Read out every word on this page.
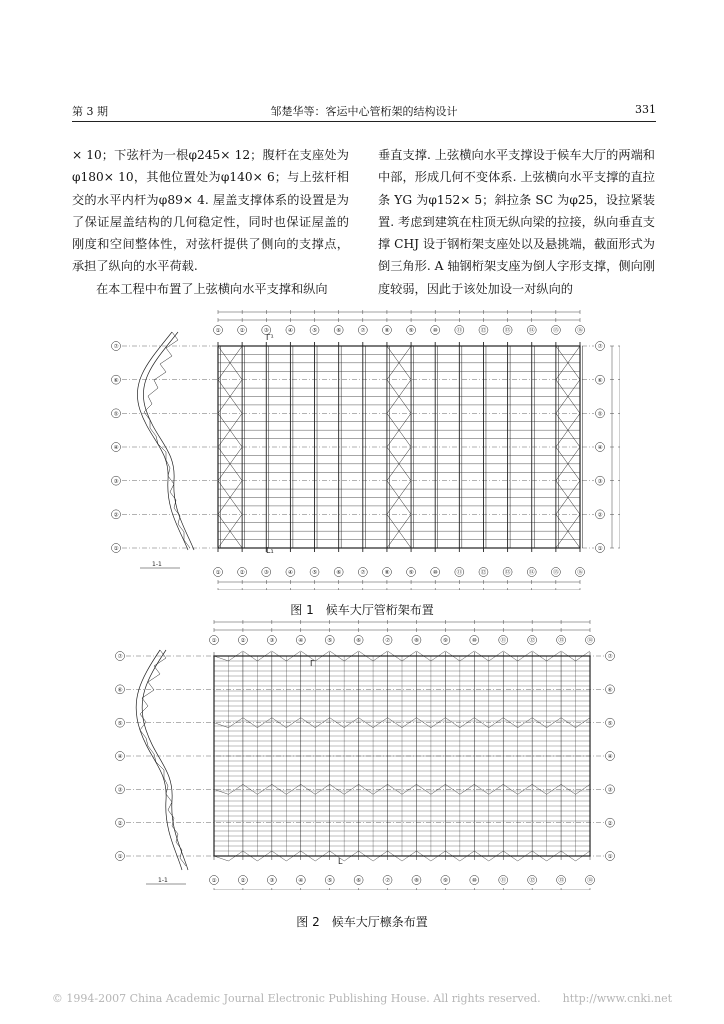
第 3 期	邹楚华等：客运中心管桁架的结构设计	331

× 10；下弦杆为一根φ245× 12；腹杆在支座处为φ180× 10，其他位置处为φ140× 6；与上弦杆相交的水平内杆为φ89× 4. 屋盖支撑体系的设置是为了保证屋盖结构的几何稳定性，同时也保证屋盖的刚度和空间整体性，对弦杆提供了侧向的支撑点，承担了纵向的水平荷载.

在本工程中布置了上弦横向水平支撑和纵向

垂直支撑. 上弦横向水平支撑设于候车大厅的两端和中部，形成几何不变体系. 上弦横向水平支撑的直拉条 YG 为φ152× 5；斜拉条 SC 为φ25，设拉紧装置. 考虑到建筑在柱顶无纵向梁的拉接，纵向垂直支撑 CHJ 设于钢桁架支座处以及悬挑端，截面形式为倒三角形. A 轴钢桁架支座为倒人字形支撑，侧向刚度较弱，因此于该处加设一对纵向的

①
①
②
②
③
③
④
④
⑤
⑤
⑥
⑥
⑦
⑦
⑧
⑧
⑨
⑨
⑩
⑩
⑪
⑪
⑫
⑫
⑬
⑬
⑭
⑭
⑮
⑮
⑯
⑯
⑦	⑦
⑥	⑥
⑤	⑤
④	④
③	③
②	②
①	①
1-1
Γ¹
L₁
图 1　候车大厅管桁架布置
①
①
②
②
③
③
④
④
⑤
⑤
⑥
⑥
⑦
⑦
⑧
⑧
⑨
⑨
⑩
⑩
⑪
⑪
⑫
⑫
⑬
⑬
⑭
⑭
⑦	⑦
⑥	⑥
⑤	⑤
④	④
③	③
②	②
①	①
1-1
Γ
L
图 2　候车大厅檩条布置
© 1994-2007 China Academic Journal Electronic Publishing House. All rights reserved.　　http://www.cnki.net
